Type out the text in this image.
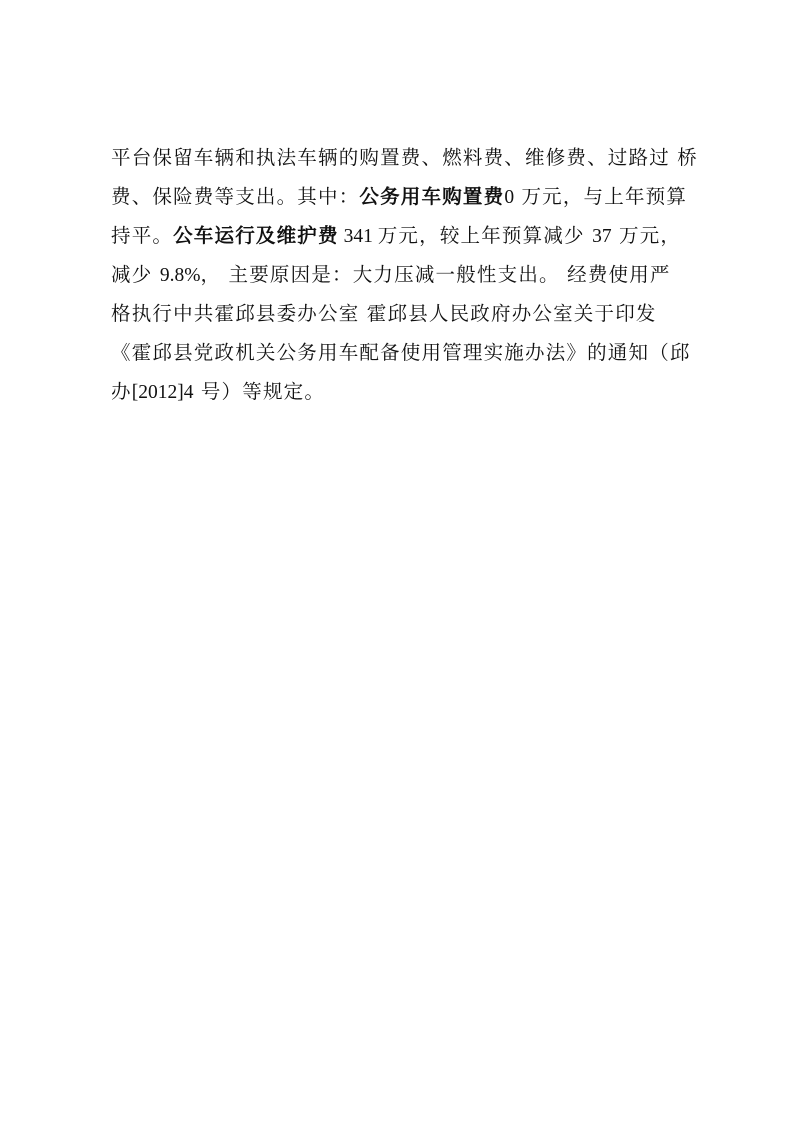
平台保留车辆和执法车辆的购置费、燃料费、维修费、过路过 桥
费、保险费等支出。其中：公务用车购置费0 万元，与上年预算
持平。公车运行及维护费 341 万元，较上年预算减少 37 万元，
减少 9.8%， 主要原因是：大力压减一般性支出。 经费使用严
格执行中共霍邱县委办公室 霍邱县人民政府办公室关于印发
《霍邱县党政机关公务用车配备使用管理实施办法》的通知（邱
办[2012]4 号）等规定。
